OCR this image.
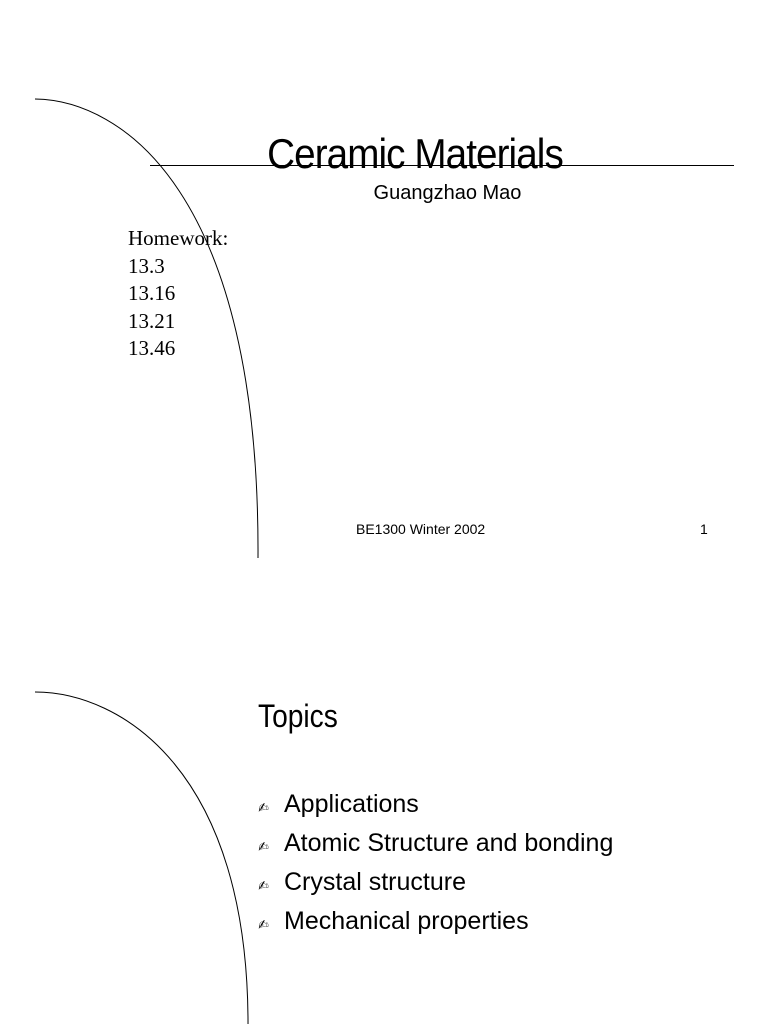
Ceramic Materials
Guangzhao Mao
Homework:
13.3
13.16
13.21
13.46
BE1300 Winter 2002	1
Topics
✍ Applications
✍ Atomic Structure and bonding
✍ Crystal structure
✍ Mechanical properties
